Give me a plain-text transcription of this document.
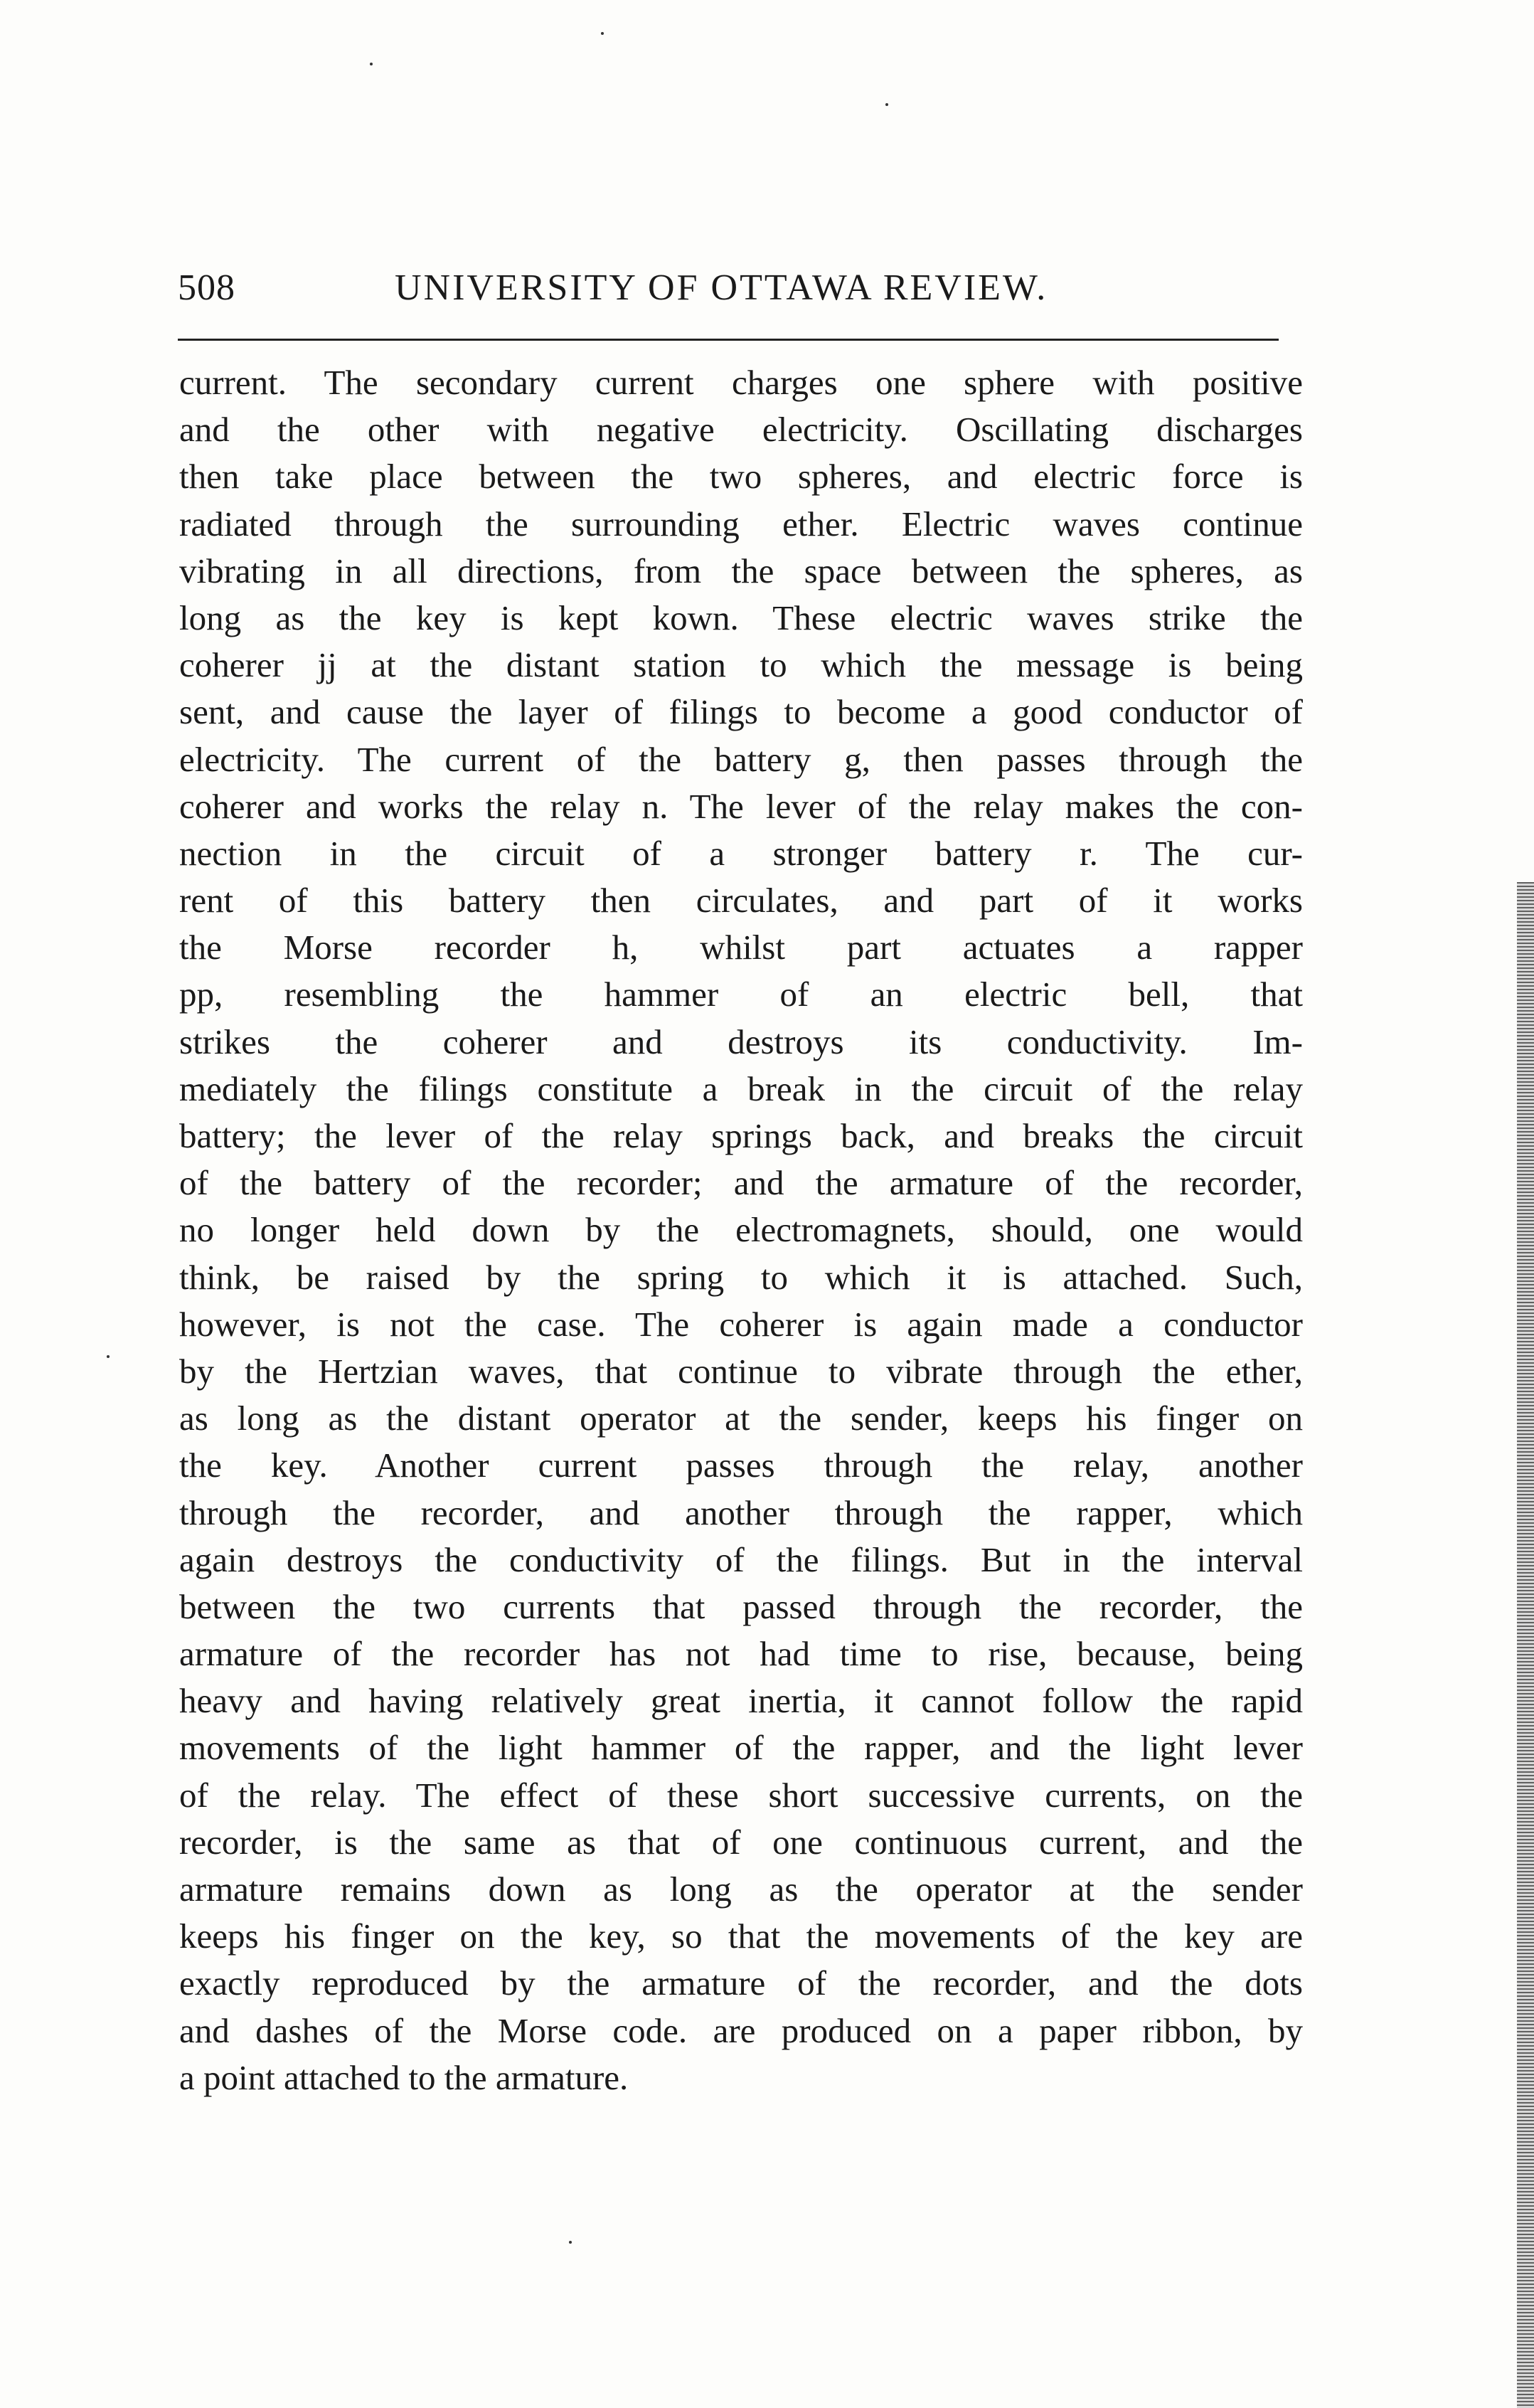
508	UNIVERSITY OF OTTAWA REVIEW.
current. The secondary current charges one sphere with positive
and the other with negative electricity. Oscillating discharges
then take place between the two spheres, and electric force is
radiated through the surrounding ether. Electric waves continue
vibrating in all directions, from the space between the spheres, as
long as the key is kept kown. These electric waves strike the
coherer jj at the distant station to which the message is being
sent, and cause the layer of filings to become a good conductor of
electricity. The current of the battery g, then passes through the
coherer and works the relay n. The lever of the relay makes the con-
nection in the circuit of a stronger battery r. The cur-
rent of this battery then circulates, and part of it works
the Morse recorder h, whilst part actuates a rapper
pp, resembling the hammer of an electric bell, that
strikes the coherer and destroys its conductivity. Im-
mediately the filings constitute a break in the circuit of the relay
battery; the lever of the relay springs back, and breaks the circuit
of the battery of the recorder; and the armature of the recorder,
no longer held down by the electromagnets, should, one would
think, be raised by the spring to which it is attached. Such,
however, is not the case. The coherer is again made a conductor
by the Hertzian waves, that continue to vibrate through the ether,
as long as the distant operator at the sender, keeps his finger on
the key. Another current passes through the relay, another
through the recorder, and another through the rapper, which
again destroys the conductivity of the filings. But in the interval
between the two currents that passed through the recorder, the
armature of the recorder has not had time to rise, because, being
heavy and having relatively great inertia, it cannot follow the rapid
movements of the light hammer of the rapper, and the light lever
of the relay. The effect of these short successive currents, on the
recorder, is the same as that of one continuous current, and the
armature remains down as long as the operator at the sender
keeps his finger on the key, so that the movements of the key are
exactly reproduced by the armature of the recorder, and the dots
and dashes of the Morse code. are produced on a paper ribbon, by
a point attached to the armature.
